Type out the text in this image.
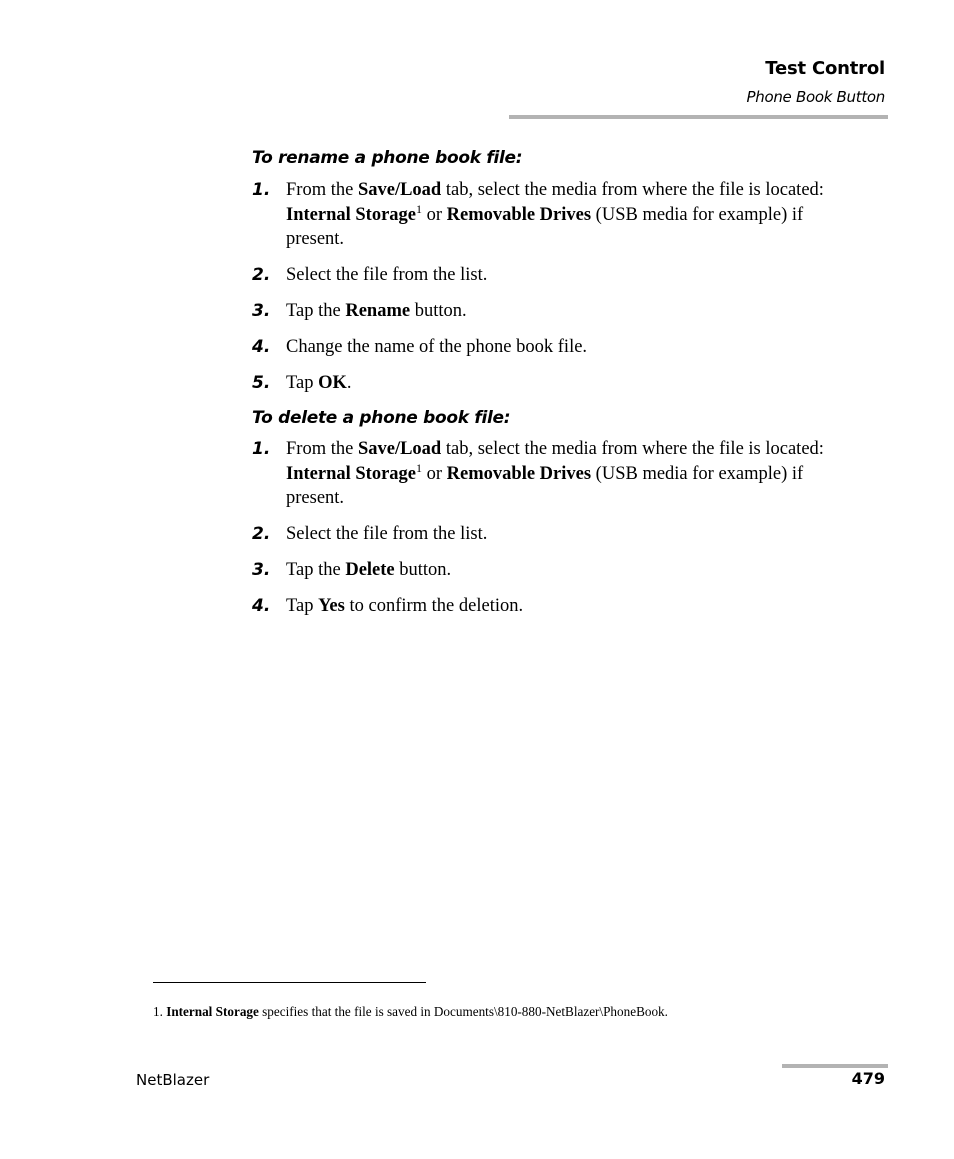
Test Control
Phone Book Button
To rename a phone book file:
1. From the Save/Load tab, select the media from where the file is located: Internal Storage$^1$ or Removable Drives (USB media for example) if present.
2. Select the file from the list.
3. Tap the Rename button.
4. Change the name of the phone book file.
5. Tap OK.
To delete a phone book file:
1. From the Save/Load tab, select the media from where the file is located: Internal Storage$^1$ or Removable Drives (USB media for example) if present.
2. Select the file from the list.
3. Tap the Delete button.
4. Tap Yes to confirm the deletion.
1. Internal Storage specifies that the file is saved in Documents\810-880-NetBlazer\PhoneBook.
NetBlazer	479
